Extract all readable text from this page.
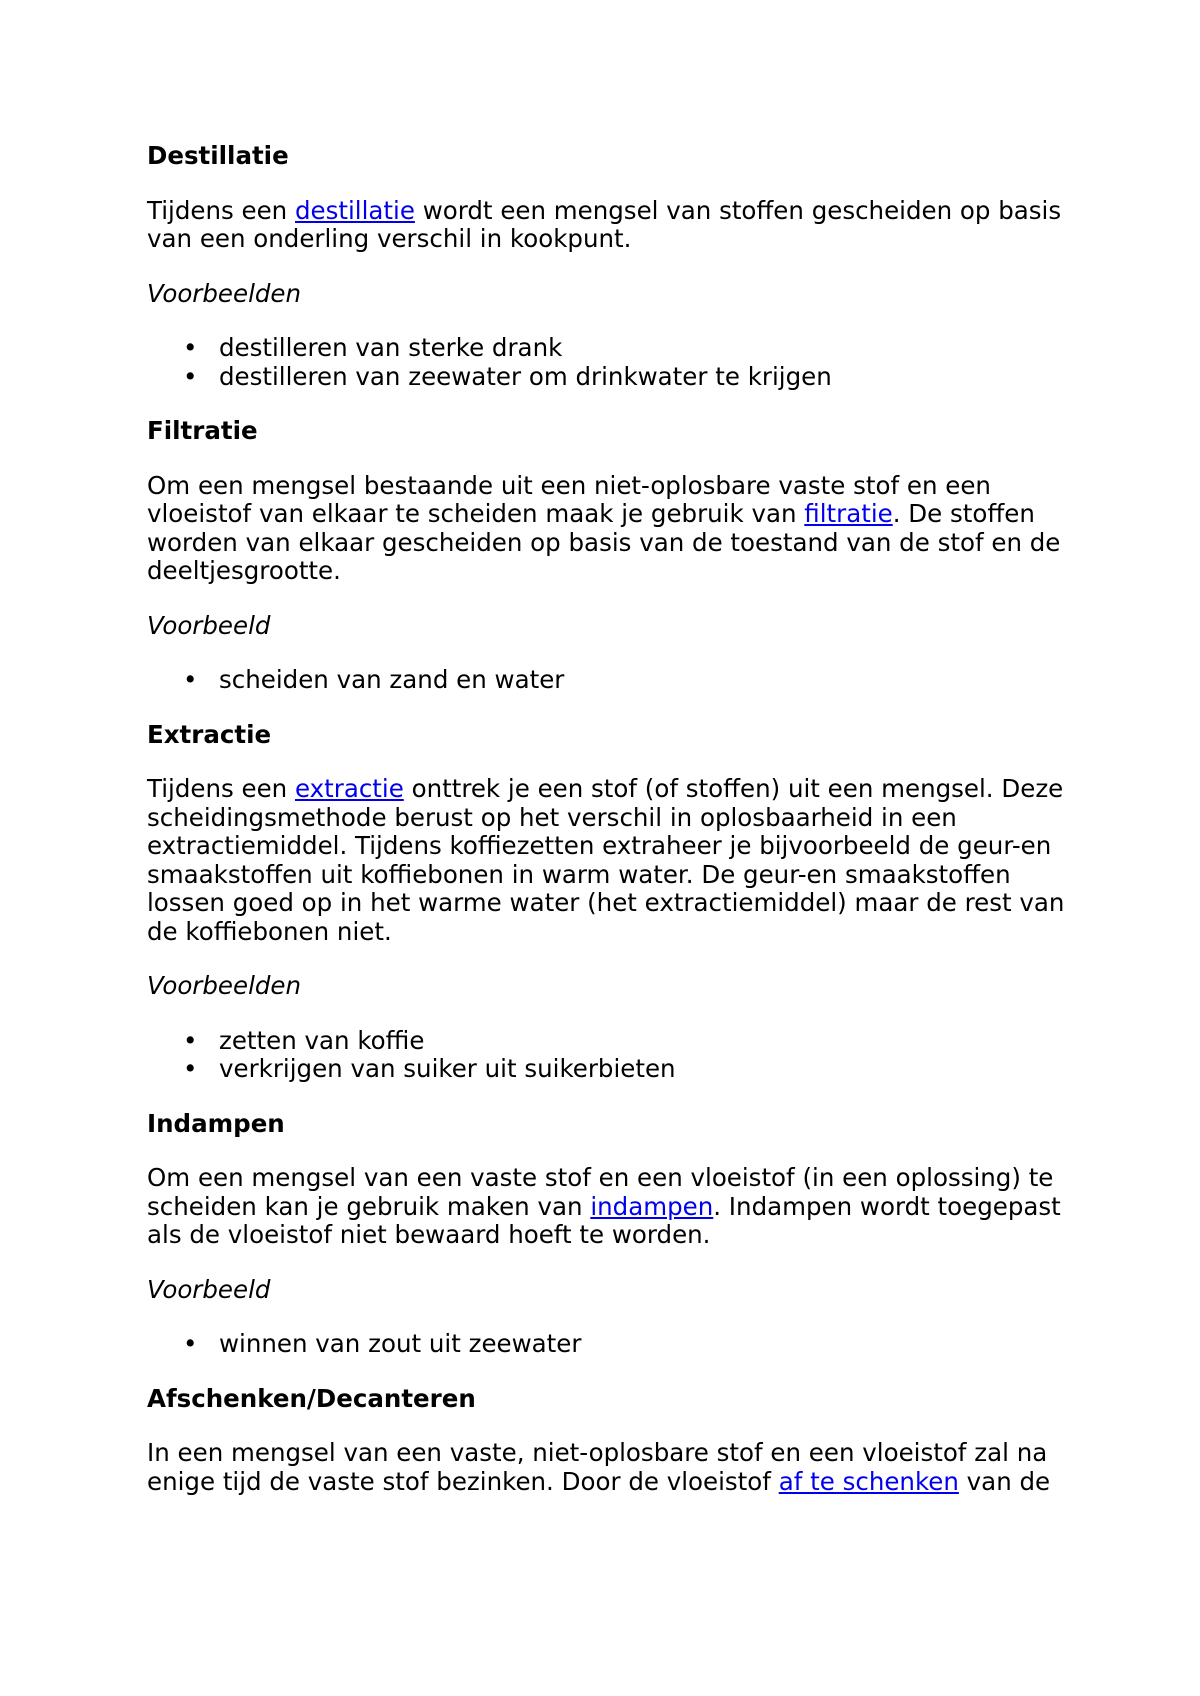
Destillatie

Tijdens een destillatie wordt een mengsel van stoffen gescheiden op basis van een onderling verschil in kookpunt.

Voorbeelden
• destilleren van sterke drank
• destilleren van zeewater om drinkwater te krijgen
Filtratie

Om een mengsel bestaande uit een niet-oplosbare vaste stof en een vloeistof van elkaar te scheiden maak je gebruik van filtratie. De stoffen worden van elkaar gescheiden op basis van de toestand van de stof en de deeltjesgrootte.

Voorbeeld
• scheiden van zand en water
Extractie

Tijdens een extractie onttrek je een stof (of stoffen) uit een mengsel. Deze scheidingsmethode berust op het verschil in oplosbaarheid in een extractiemiddel. Tijdens koffiezetten extraheer je bijvoorbeeld de geur-en smaakstoffen uit koffiebonen in warm water. De geur-en smaakstoffen lossen goed op in het warme water (het extractiemiddel) maar de rest van de koffiebonen niet.

Voorbeelden
• zetten van koffie
• verkrijgen van suiker uit suikerbieten
Indampen

Om een mengsel van een vaste stof en een vloeistof (in een oplossing) te scheiden kan je gebruik maken van indampen. Indampen wordt toegepast als de vloeistof niet bewaard hoeft te worden.

Voorbeeld
• winnen van zout uit zeewater
Afschenken/Decanteren

In een mengsel van een vaste, niet-oplosbare stof en een vloeistof zal na enige tijd de vaste stof bezinken. Door de vloeistof af te schenken van de
